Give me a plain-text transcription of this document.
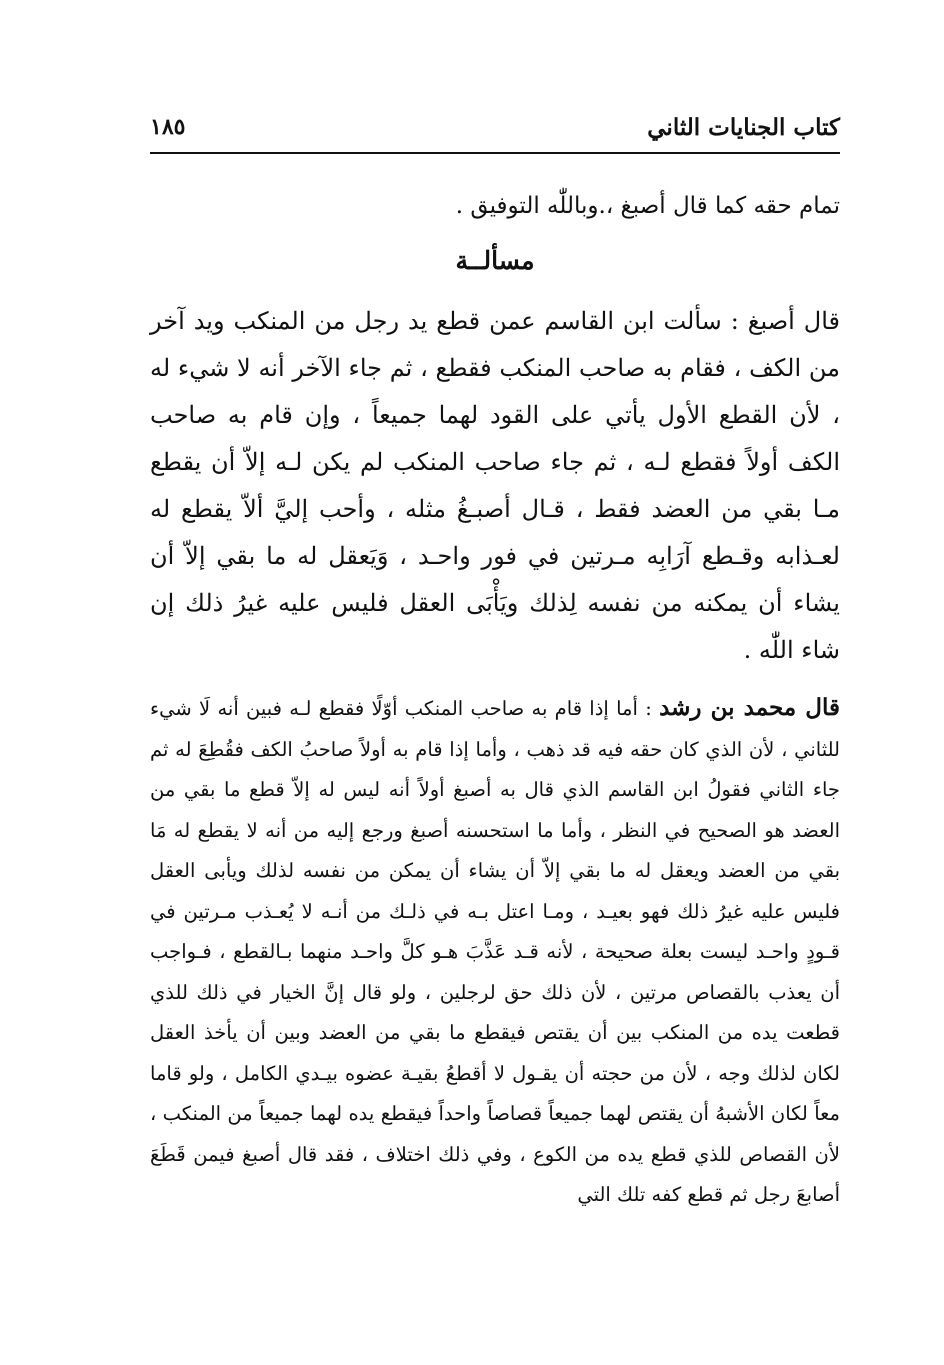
كتاب الجنايات الثاني
١٨٥

تمام حقه كما قال أصبغ ،.وباللّٰه التوفيق .

مسألــة

قال أصبغ : سألت ابن القاسم عمن قطع يد رجل من المنكب ويد آخر من الكف ، فقام به صاحب المنكب فقطع ، ثم جاء الآخر أنه لا شيء له ، لأن القطع الأول يأتي على القود لهما جميعاً ، وإن قام به صاحب الكف أولاً فقطع لـه ، ثم جاء صاحب المنكب لم يكن لـه إلاّ أن يقطع مـا بقي من العضد فقط ، قـال أصبـغُ مثله ، وأحب إليَّ ألاّ يقطع له لعـذابه وقـطع آرَابِه مـرتين في فور واحـد ، وَيَعقل له ما بقي إلاّ أن يشاء أن يمكنه من نفسه لِذلك ويَأْبَى العقل فليس عليه غيرُ ذلك إن شاء اللّٰه .

قال محمد بن رشد : أما إذا قام به صاحب المنكب أوّلًا فقطع لـه فبين أنه لَا شيء للثاني ، لأن الذي كان حقه فيه قد ذهب ، وأما إذا قام به أولاً صاحبُ الكف فقُطِعَ له ثم جاء الثاني فقولُ ابن القاسم الذي قال به أصبغ أولاً أنه ليس له إلاّ قطع ما بقي من العضد هو الصحيح في النظر ، وأما ما استحسنه أصبغ ورجع إليه من أنه لا يقطع له مَا بقي من العضد ويعقل له ما بقي إلاّ أن يشاء أن يمكن من نفسه لذلك ويأبى العقل فليس عليه غيرُ ذلك فهو بعيـد ، ومـا اعتل بـه في ذلـك من أنـه لا يُعـذب مـرتين في قـودٍ واحـد ليست بعلة صحيحة ، لأنه قـد عَذَّبَ هـو كلَّ واحـد منهما بـالقطع ، فـواجب أن يعذب بالقصاص مرتين ، لأن ذلك حق لرجلين ، ولو قال إنَّ الخيار في ذلك للذي قطعت يده من المنكب بين أن يقتص فيقطع ما بقي من العضد وبين أن يأخذ العقل لكان لذلك وجه ، لأن من حجته أن يقـول لا أقطعُ بقيـة عضوه بيـدي الكامل ، ولو قاما معاً لكان الأشبهُ أن يقتص لهما جميعاً قصاصاً واحداً فيقطع يده لهما جميعاً من المنكب ، لأن القصاص للذي قطع يده من الكوع ، وفي ذلك اختلاف ، فقد قال أصبغ فيمن قَطَعَ أصابعَ رجل ثم قطع كفه تلك التي
